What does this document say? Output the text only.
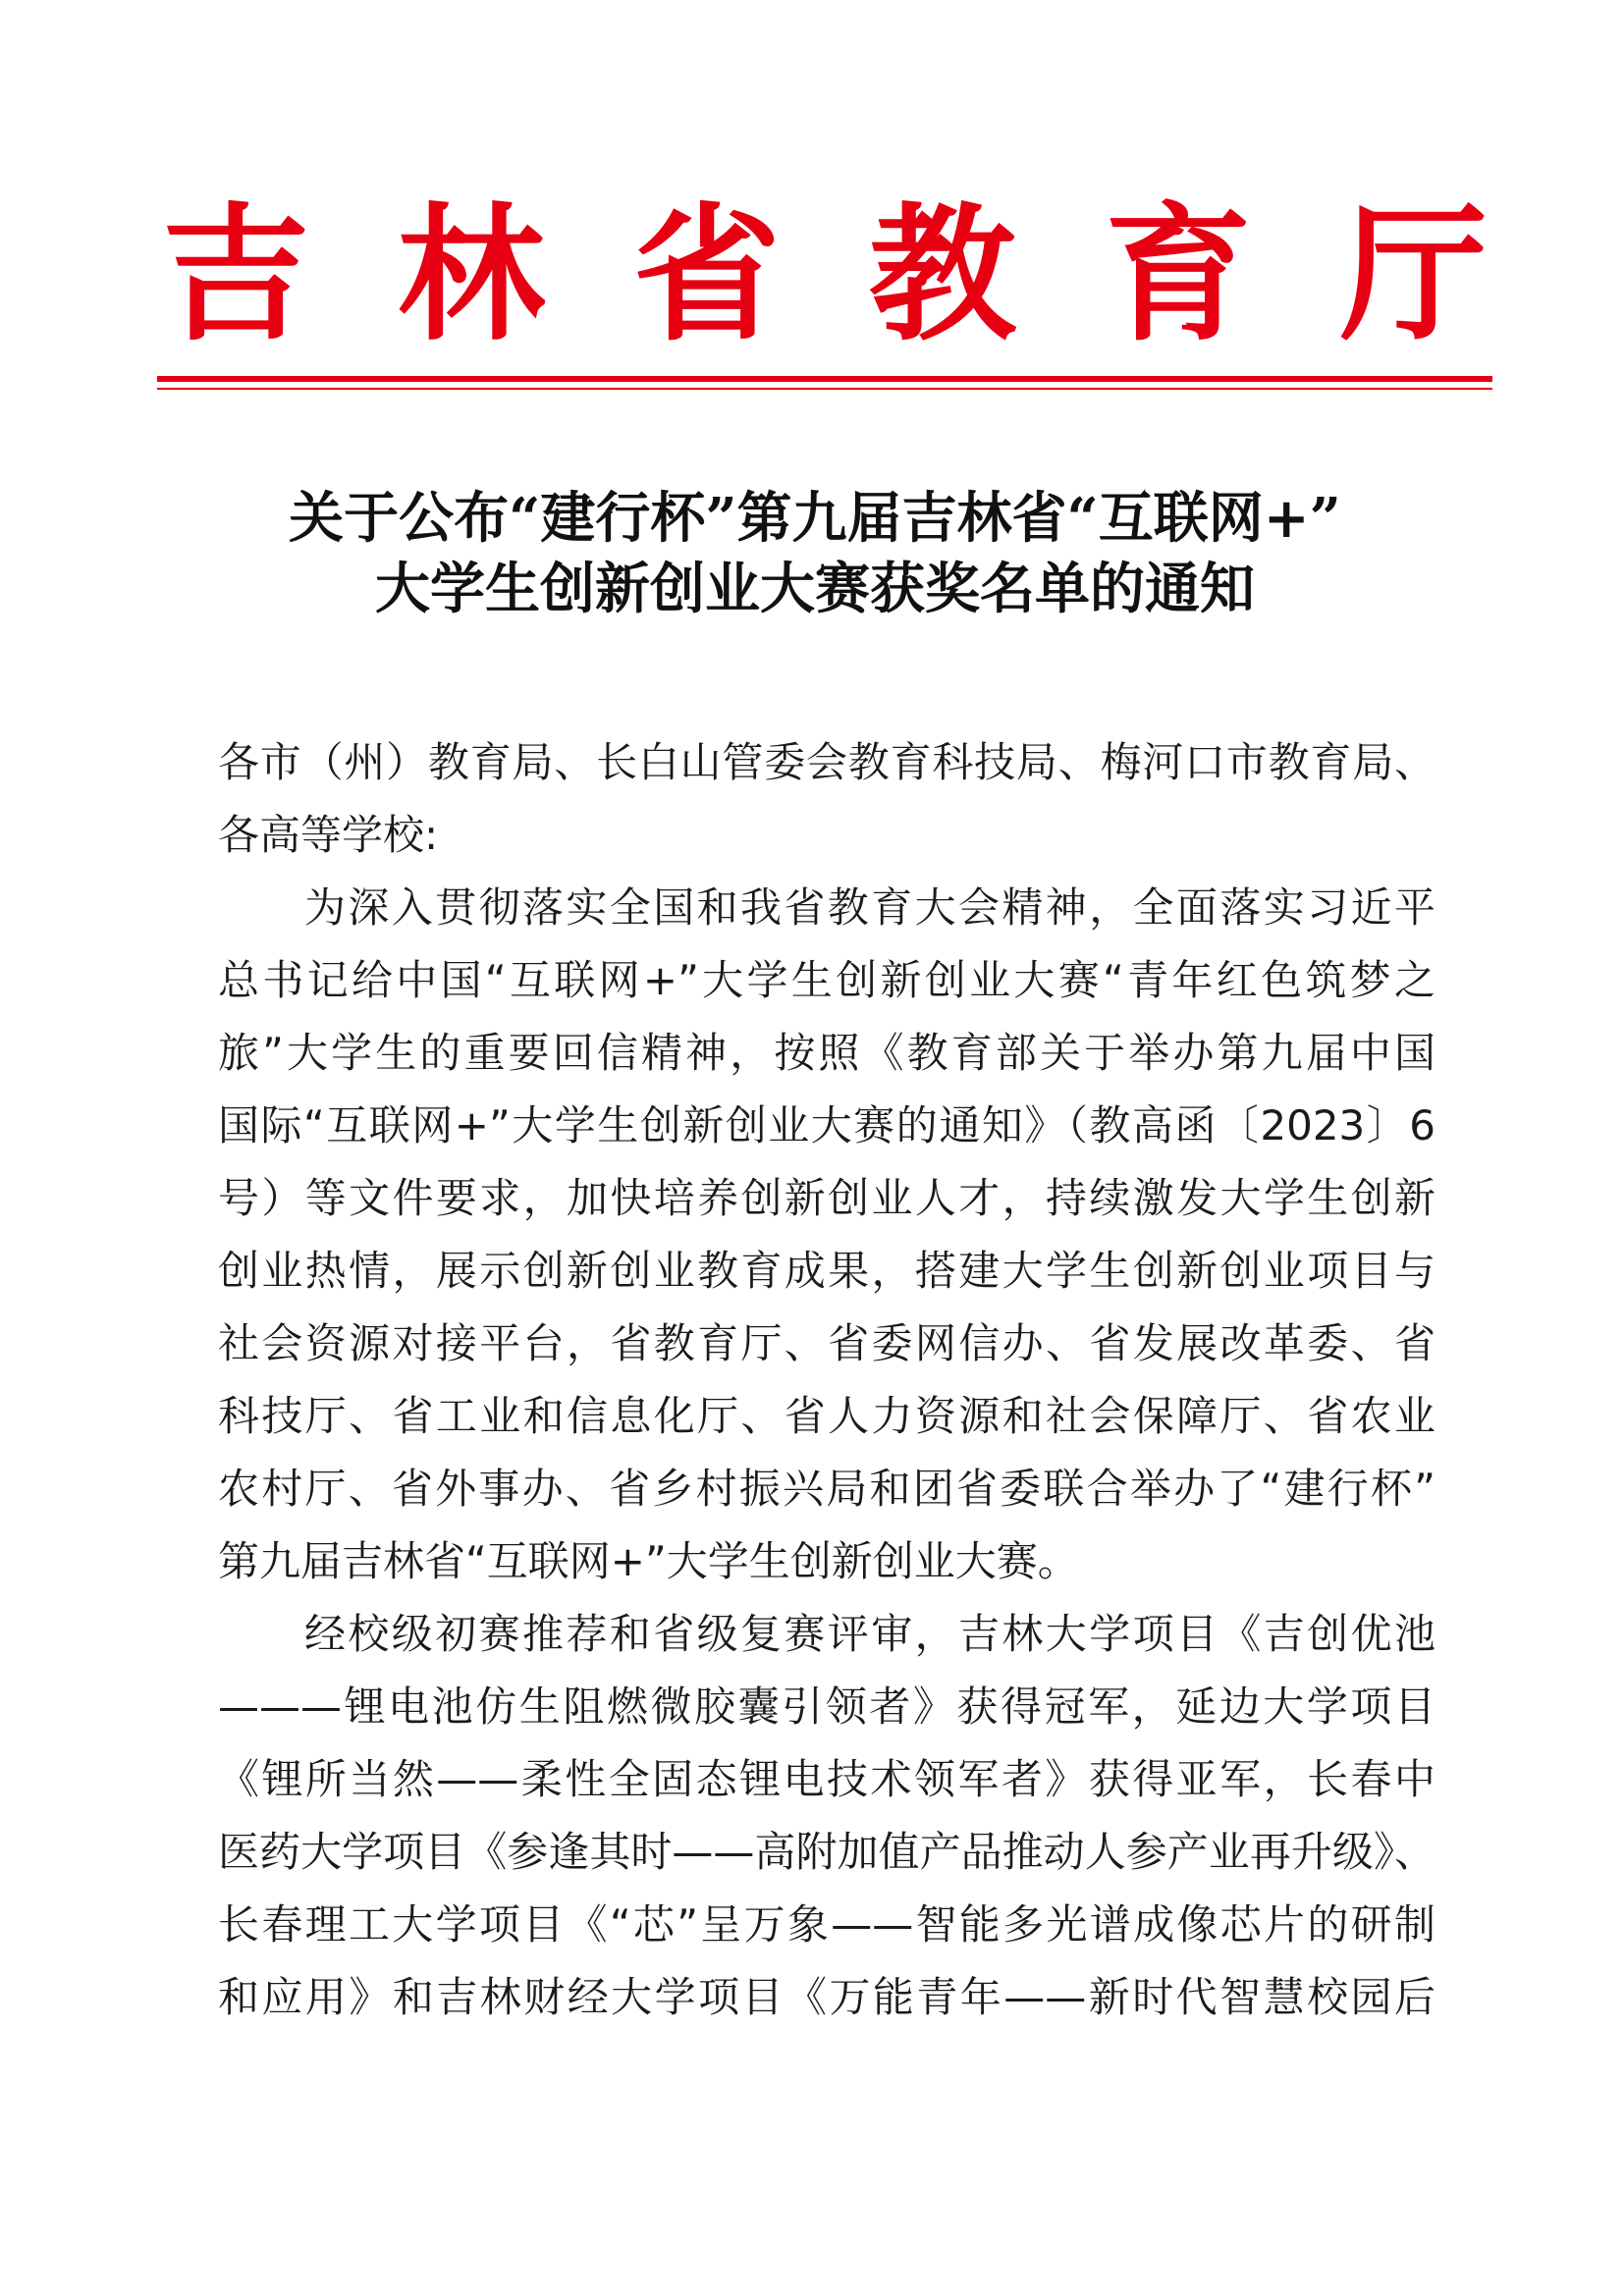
吉 林 省 教 育 厅
关于公布“建行杯”第九届吉林省“互联网+”
大学生创新创业大赛获奖名单的通知
各市（州）教育局、长白山管委会教育科技局、梅河口市教育局、
各高等学校:
为深入贯彻落实全国和我省教育大会精神，全面落实习近平
总书记给中国“互联网+”大学生创新创业大赛“青年红色筑梦之
旅”大学生的重要回信精神，按照《教育部关于举办第九届中国
国际“互联网+”大学生创新创业大赛的通知》（教高函〔2023〕6
号）等文件要求，加快培养创新创业人才，持续激发大学生创新
创业热情，展示创新创业教育成果，搭建大学生创新创业项目与
社会资源对接平台，省教育厅、省委网信办、省发展改革委、省
科技厅、省工业和信息化厅、省人力资源和社会保障厅、省农业
农村厅、省外事办、省乡村振兴局和团省委联合举办了“建行杯”
第九届吉林省“互联网+”大学生创新创业大赛。
经校级初赛推荐和省级复赛评审，吉林大学项目《吉创优池
———锂电池仿生阻燃微胶囊引领者》获得冠军，延边大学项目
《锂所当然——柔性全固态锂电技术领军者》获得亚军，长春中
医药大学项目《参逢其时——高附加值产品推动人参产业再升级》、
长春理工大学项目《“芯”呈万象——智能多光谱成像芯片的研制
和应用》和吉林财经大学项目《万能青年——新时代智慧校园后
